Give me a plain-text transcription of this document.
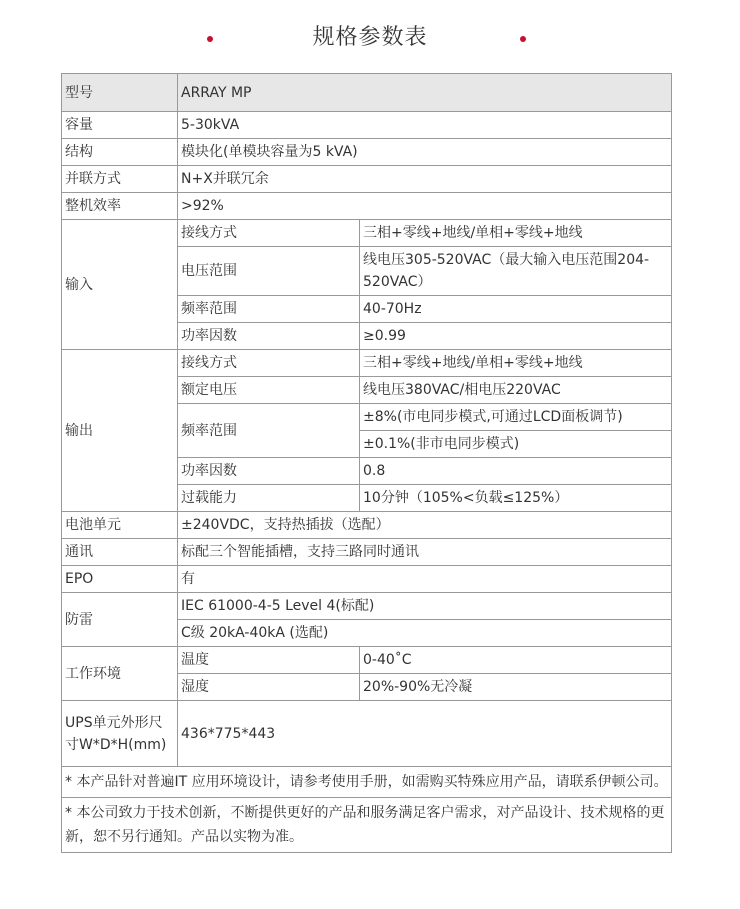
规格参数表
型号	ARRAY MP	
容量	5-30kVA	
结构	模块化(单模块容量为5 kVA)	
并联方式	N+X并联冗余	
整机效率	>92%	
输入	接线方式	三相+零线+地线/单相+零线+地线
	电压范围	线电压305-520VAC（最大输入电压范围204-520VAC）
	频率范围	40-70Hz
	功率因数	≥0.99
输出	接线方式	三相+零线+地线/单相+零线+地线
	额定电压	线电压380VAC/相电压220VAC
	频率范围	±8%(市电同步模式,可通过LCD面板调节)
		±0.1%(非市电同步模式)
	功率因数	0.8
	过载能力	10分钟（105%<负载≤125%）
电池单元	±240VDC，支持热插拔（选配）	
通讯	标配三个智能插槽，支持三路同时通讯	
EPO	有	
防雷	IEC 61000-4-5 Level 4(标配)	
	C级 20kA-40kA (选配)	
工作环境	温度	0-40˚C
	湿度	20%-90%无冷凝
UPS单元外形尺寸W*D*H(mm)	436*775*443	
* 本产品针对普遍IT 应用环境设计，请参考使用手册，如需购买特殊应用产品，请联系伊顿公司。		
* 本公司致力于技术创新，不断提供更好的产品和服务满足客户需求，对产品设计、技术规格的更新，恕不另行通知。产品以实物为准。		
